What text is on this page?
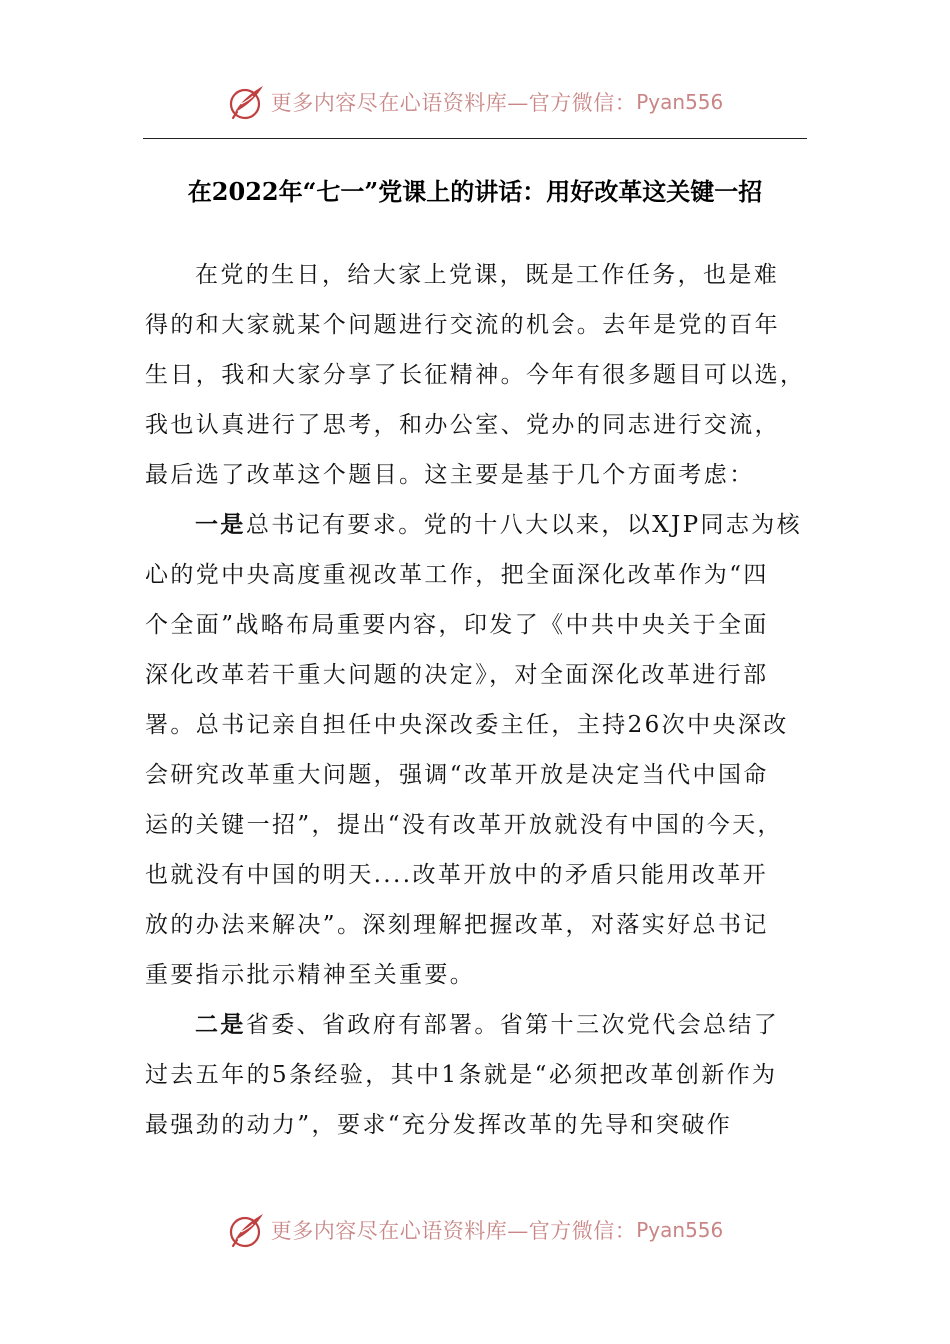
更多内容尽在心语资料库—官方微信： Pyan556
在2022年“七一”党课上的讲话：用好改革这关键一招
在党的生日，给大家上党课，既是工作任务，也是难
得的和大家就某个问题进行交流的机会。去年是党的百年
生日，我和大家分享了长征精神。今年有很多题目可以选，
我也认真进行了思考，和办公室、党办的同志进行交流，
最后选了改革这个题目。这主要是基于几个方面考虑：
一是总书记有要求。党的十八大以来，以XJP同志为核
心的党中央高度重视改革工作，把全面深化改革作为“四
个全面”战略布局重要内容，印发了《中共中央关于全面
深化改革若干重大问题的决定》，对全面深化改革进行部
署。总书记亲自担任中央深改委主任，主持26次中央深改
会研究改革重大问题，强调“改革开放是决定当代中国命
运的关键一招”，提出“没有改革开放就没有中国的今天，
也就没有中国的明天....改革开放中的矛盾只能用改革开
放的办法来解决”。深刻理解把握改革，对落实好总书记
重要指示批示精神至关重要。
二是省委、省政府有部署。省第十三次党代会总结了
过去五年的5条经验，其中1条就是“必须把改革创新作为
最强劲的动力”，要求“充分发挥改革的先导和突破作
更多内容尽在心语资料库—官方微信： Pyan556
